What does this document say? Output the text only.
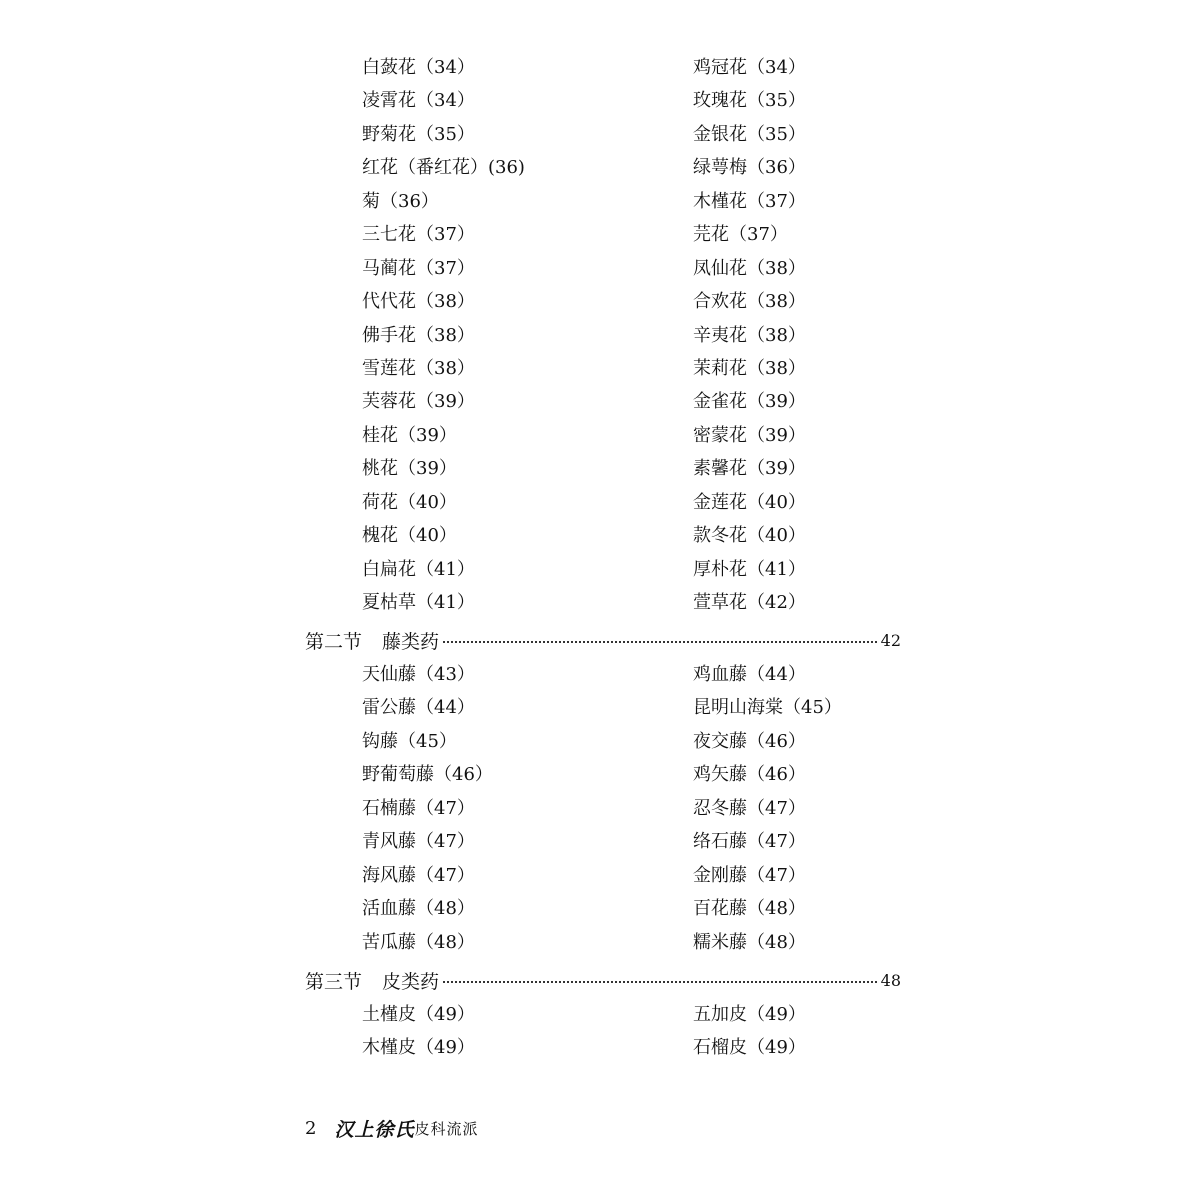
白蔹花（34）	鸡冠花（34）
凌霄花（34）	玫瑰花（35）
野菊花（35）	金银花（35）
红花（番红花）(36)	绿萼梅（36）
菊（36）	木槿花（37）
三七花（37）	芫花（37）
马蔺花（37）	凤仙花（38）
代代花（38）	合欢花（38）
佛手花（38）	辛夷花（38）
雪莲花（38）	茉莉花（38）
芙蓉花（39）	金雀花（39）
桂花（39）	密蒙花（39）
桃花（39）	素馨花（39）
荷花（40）	金莲花（40）
槐花（40）	款冬花（40）
白扁花（41）	厚朴花（41）
夏枯草（41）	萱草花（42）
第二节 藤类药	42
天仙藤（43）	鸡血藤（44）
雷公藤（44）	昆明山海棠（45）
钩藤（45）	夜交藤（46）
野葡萄藤（46）	鸡矢藤（46）
石楠藤（47）	忍冬藤（47）
青风藤（47）	络石藤（47）
海风藤（47）	金刚藤（47）
活血藤（48）	百花藤（48）
苦瓜藤（48）	糯米藤（48）
第三节 皮类药	48
土槿皮（49）	五加皮（49）
木槿皮（49）	石榴皮（49）
2 汉上徐氏 皮科流派
